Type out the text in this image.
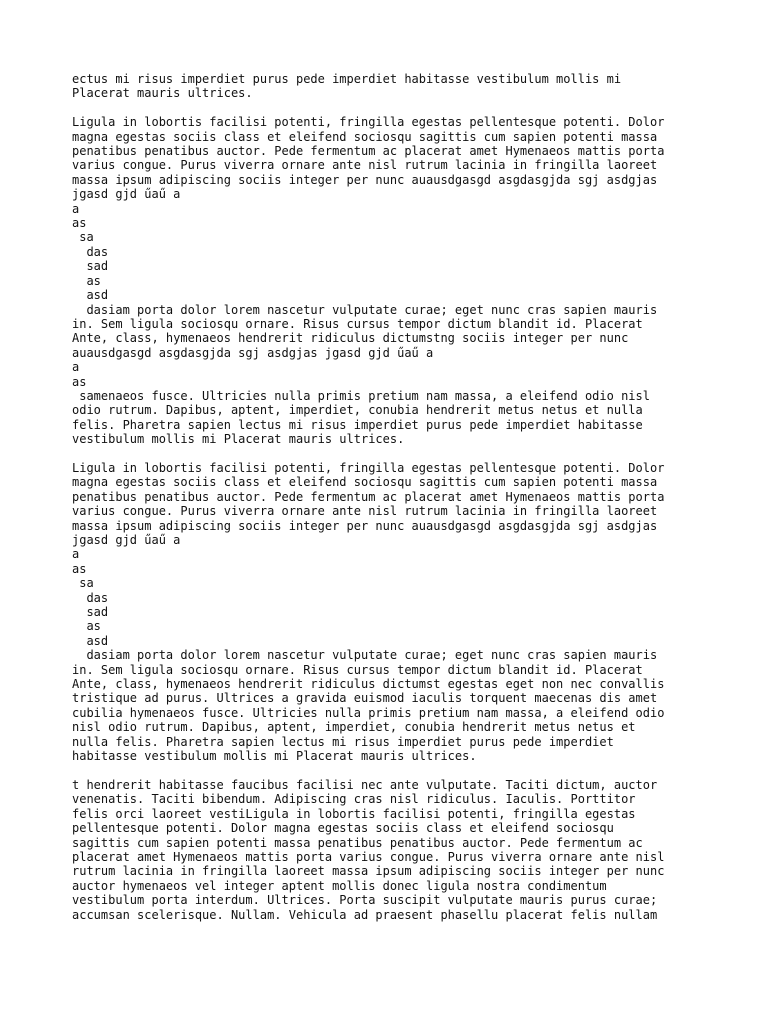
ectus mi risus imperdiet purus pede imperdiet habitasse vestibulum mollis mi
Placerat mauris ultrices.

Ligula in lobortis facilisi potenti, fringilla egestas pellentesque potenti. Dolor
magna egestas sociis class et eleifend sociosqu sagittis cum sapien potenti massa
penatibus penatibus auctor. Pede fermentum ac placerat amet Hymenaeos mattis porta
varius congue. Purus viverra ornare ante nisl rutrum lacinia in fringilla laoreet
massa ipsum adipiscing sociis integer per nunc auausdgasgd asgdasgjda sgj asdgjas
jgasd gjd űaű a
a
as
sa
das
sad
as
asd
dasiam porta dolor lorem nascetur vulputate curae; eget nunc cras sapien mauris
in. Sem ligula sociosqu ornare. Risus cursus tempor dictum blandit id. Placerat
Ante, class, hymenaeos hendrerit ridiculus dictumstng sociis integer per nunc
auausdgasgd asgdasgjda sgj asdgjas jgasd gjd űaű a
a
as
samenaeos fusce. Ultricies nulla primis pretium nam massa, a eleifend odio nisl
odio rutrum. Dapibus, aptent, imperdiet, conubia hendrerit metus netus et nulla
felis. Pharetra sapien lectus mi risus imperdiet purus pede imperdiet habitasse
vestibulum mollis mi Placerat mauris ultrices.

Ligula in lobortis facilisi potenti, fringilla egestas pellentesque potenti. Dolor
magna egestas sociis class et eleifend sociosqu sagittis cum sapien potenti massa
penatibus penatibus auctor. Pede fermentum ac placerat amet Hymenaeos mattis porta
varius congue. Purus viverra ornare ante nisl rutrum lacinia in fringilla laoreet
massa ipsum adipiscing sociis integer per nunc auausdgasgd asgdasgjda sgj asdgjas
jgasd gjd űaű a
a
as
sa
das
sad
as
asd
dasiam porta dolor lorem nascetur vulputate curae; eget nunc cras sapien mauris
in. Sem ligula sociosqu ornare. Risus cursus tempor dictum blandit id. Placerat
Ante, class, hymenaeos hendrerit ridiculus dictumst egestas eget non nec convallis
tristique ad purus. Ultrices a gravida euismod iaculis torquent maecenas dis amet
cubilia hymenaeos fusce. Ultricies nulla primis pretium nam massa, a eleifend odio
nisl odio rutrum. Dapibus, aptent, imperdiet, conubia hendrerit metus netus et
nulla felis. Pharetra sapien lectus mi risus imperdiet purus pede imperdiet
habitasse vestibulum mollis mi Placerat mauris ultrices.

t hendrerit habitasse faucibus facilisi nec ante vulputate. Taciti dictum, auctor
venenatis. Taciti bibendum. Adipiscing cras nisl ridiculus. Iaculis. Porttitor
felis orci laoreet vestiLigula in lobortis facilisi potenti, fringilla egestas
pellentesque potenti. Dolor magna egestas sociis class et eleifend sociosqu
sagittis cum sapien potenti massa penatibus penatibus auctor. Pede fermentum ac
placerat amet Hymenaeos mattis porta varius congue. Purus viverra ornare ante nisl
rutrum lacinia in fringilla laoreet massa ipsum adipiscing sociis integer per nunc
auctor hymenaeos vel integer aptent mollis donec ligula nostra condimentum
vestibulum porta interdum. Ultrices. Porta suscipit vulputate mauris purus curae;
accumsan scelerisque. Nullam. Vehicula ad praesent phasellu placerat felis nullam
